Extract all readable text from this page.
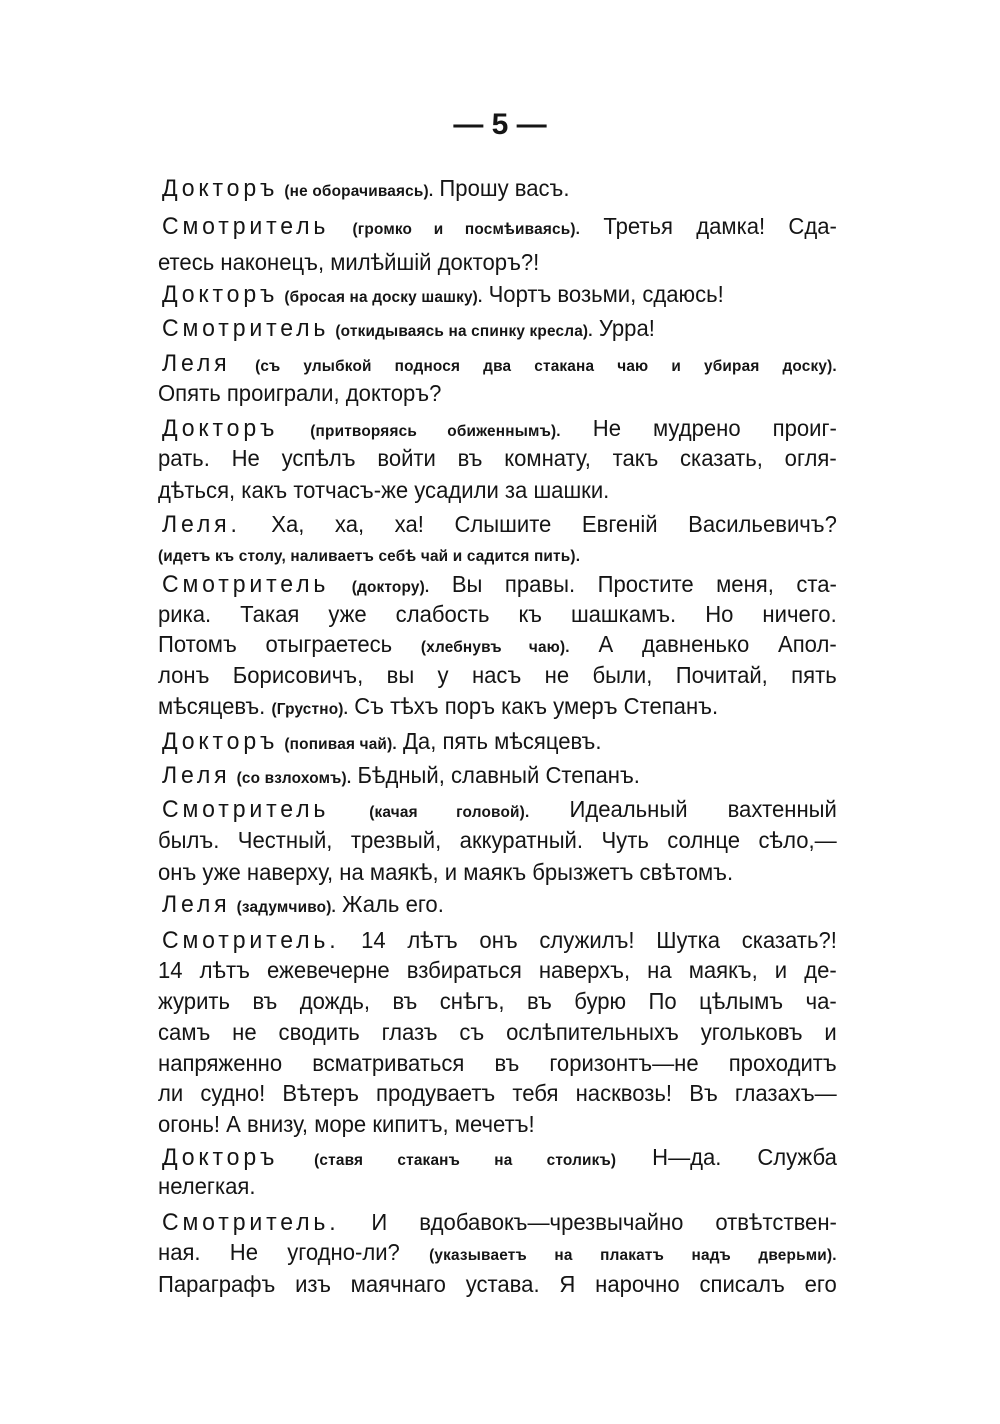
— 5 —
Докторъ (не оборачиваясь). Прошу васъ.
Смотритель (громко и посмѣиваясь). Третья дамка! Сда-
етесь наконецъ, милѣйшій докторъ?!
Докторъ (бросая на доску шашку). Чортъ возьми, сдаюсь!
Смотритель (откидываясь на спинку кресла). Урра!
Леля (съ улыбкой поднося два стакана чаю и убирая доску).
Опять проиграли, докторъ?
Докторъ (притворяясь обиженнымъ). Не мудрено проиг-
рать. Не успѣлъ войти въ комнату, такъ сказать, огля-
дѣться, какъ тотчасъ-же усадили за шашки.
Леля. Ха, ха, ха! Слышите Евгеній Васильевичъ?
(идетъ къ столу, наливаетъ себѣ чай и садится пить).
Смотритель (доктору). Вы правы. Простите меня, ста-
рика. Такая уже слабость къ шашкамъ. Но ничего.
Потомъ отыграетесь (хлебнувъ чаю). А давненько Апол-
лонъ Борисовичъ, вы у насъ не были, Почитай, пять
мѣсяцевъ. (Грустно). Съ тѣхъ поръ какъ умеръ Степанъ.
Докторъ (попивая чай). Да, пять мѣсяцевъ.
Леля (со взлохомъ). Бѣдный, славный Степанъ.
Смотритель	(качая головой). Идеальный вахтенный
былъ. Честный, трезвый, аккуратный. Чуть солнце сѣло,—
онъ уже наверху, на маякѣ, и маякъ брызжетъ свѣтомъ.
Леля (задумчиво). Жаль его.
Смотритель. 14 лѣтъ онъ служилъ! Шутка сказать?!
14 лѣтъ ежевечерне взбираться наверхъ, на маякъ, и де-
журить въ дождь, въ снѣгъ, въ бурю По цѣлымъ ча-
самъ не сводить глазъ съ ослѣпительныхъ угольковъ и
напряженно всматриваться въ горизонтъ—не проходитъ
ли судно! Вѣтеръ продуваетъ тебя насквозь! Въ глазахъ—
огонь! А внизу, море кипитъ, мечетъ!
Докторъ (ставя стаканъ на столикъ) Н—да. Служба
нелегкая.
Смотритель. И вдобавокъ—чрезвычайно отвѣтствен-
ная. Не угодно-ли? (указываетъ на плакатъ надъ дверьми).
Параграфъ изъ маячнаго устава. Я нарочно списалъ его
